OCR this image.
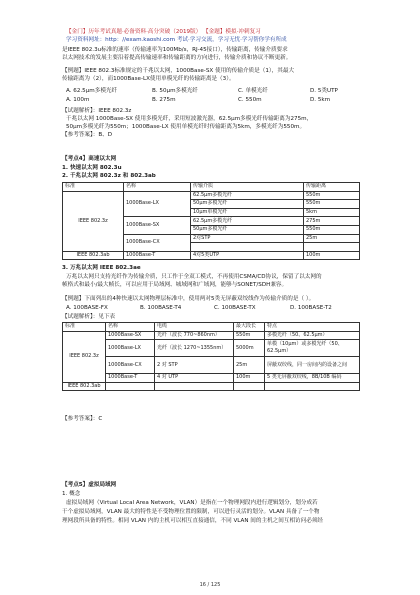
【金门】历年考试真题·必备资料·高分突破（2019版） 【金题】模拟·冲刺复习
学习资料网址：http：//exam.kaoshi.com 考试·学习交流，学习无忧·学习帮你学有所成
是IEEE 802.3u标准的速率（传输速率为100Mb/s，RJ-45接口），传输距离，传输介质要求
以太网技术的发展主要沿着提高传输速率和传输距离的方向进行，传输介质和协议不断更新。
【例题】IEEE 802.3标准规定的千兆以太网，1000Base-SX 使用的传输介质是（1），其最大
传输距离为（2），而1000Base-LX使用单模光纤的传输距离是（3）。
A. 62.5μm多模光纤	B. 50μm多模光纤	C. 单模光纤	D. 5类UTP
A. 100m	B. 275m	C. 550m	D. 5km
【试题解析】：IEEE 802.3z
千兆以太网 1000Base-SX 使用多模光纤，采用短波激光器，62.5μm多模光纤传输距离为275m，
50μm多模光纤为550m；1000Base-LX 使用单模光纤时传输距离为5km，多模光纤为550m。
【参考答案】：B、D
【考点4】高速以太网
1. 快速以太网 802.3u
2. 千兆以太网 802.3z 和 802.3ab
标准	名称	传输介质	传输距离
IEEE 802.3z	1000Base-LX	62.5μm多模光纤	550m
		50μm多模光纤	550m
		10μm单模光纤	5km
	1000Base-SX	62.5μm多模光纤	275m
		50μm多模光纤	550m
	1000Base-CX	2对STP	25m

IEEE 802.3ab	1000Base-T	4对5类UTP	100m
3. 万兆以太网 IEEE 802.3ae
万兆以太网只支持光纤作为传输介质，只工作于全双工模式，不再使用CSMA/CD协议，保留了以太网的
帧格式和最小/最大帧长，可以应用于局域网、城域网和广域网，能够与SONET/SDH兼容。
【例题】下面列出的4种快速以太网物理层标准中，使用两对5类无屏蔽双绞线作为传输介质的是（ ）。
A. 100BASE-FX	B. 100BASE-T4	C. 100BASE-TX	D. 100BASE-T2
【试题解析】：见下表
标准	名称	电缆	最大段长	特点
IEEE 802.3z	1000Base-SX	光纤（波长 770~860nm）	550m	多模光纤（50、62.5μm）
	1000Base-LX	光纤（波长 1270~1355nm）	5000m	单模（10μm）或多模光纤（50、62.5μm）
	1000Base-CX	2 对 STP	25m	屏蔽双绞线，同一房间内的设备之间
	1000Base-T	4 对 UTP	100m	5 类无屏蔽双绞线，8B/10B 编码
IEEE 802.3ab				
【参考答案】：C
【考点5】虚拟局域网
1. 概念
虚拟局域网（Virtual Local Area Network，VLAN）是指在一个物理网段内进行逻辑划分，划分成若
干个虚拟局域网，VLAN 最大的特性是不受物理位置的限制，可以进行灵活的划分。VLAN 具备了一个物
理网段所具备的特性。相同 VLAN 内的主机可以相互直接通信，不同 VLAN 间的主机之间互相访问必须经
16 / 125
